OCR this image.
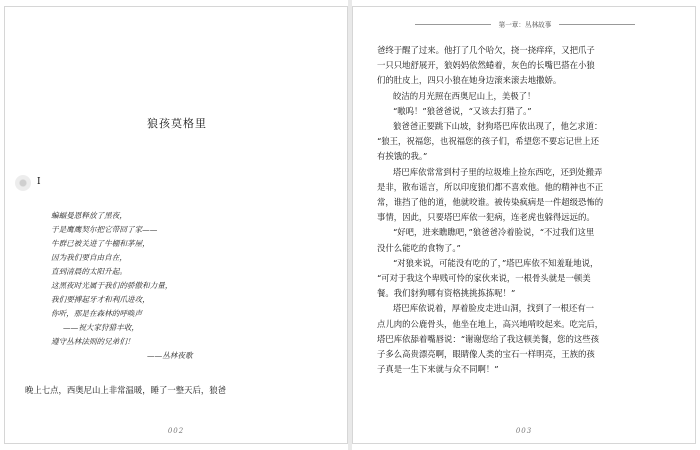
狼孩莫格里
I
蝙蝠曼恩释放了黑夜，
于是鹰鹰契尔把它带回了家——
牛群已被关进了牛棚和茅屋，
因为我们要自由自在，
直到清晨的太阳升起。
这黑夜时光属于我们的骄傲和力量，
我们要搏起牙才和利爪进攻，
你听，那是在森林的呼唤声
——祝大家狩猎丰收，
遵守丛林法则的兄弟们！
——丛林夜歌
晚上七点，西奥尼山上非常温暖，睡了一整天后，狼爸
002
第一章：丛林故事
爸终于醒了过来。他打了几个哈欠，挠一挠痒痒，又把爪子
一只只地舒展开，狼妈妈依然蜷着，灰色的长嘴巴搭在小狼
们的肚皮上，四只小狼在她身边滚来滚去地撒娇。
皎洁的月光照在西奥尼山上，美极了！
“嗷呜！”狼爸爸说，“又该去打猎了。”
狼爸爸正要跳下山坡，豺狗塔巴库依出现了，他乞求道：
“狼王，祝福您，也祝福您的孩子们，希望您不要忘记世上还
有挨饿的我。”
塔巴库依常常到村子里的垃圾堆上捡东西吃，还到处搬弄
是非，散布谣言，所以印度狼们都不喜欢他。他的精神也不正
常，谁挡了他的道，他就咬谁。被传染疯病是一件超级恐怖的
事情，因此，只要塔巴库依一犯病，连老虎也躲得远远的。
“好吧，进来瞧瞧吧，”狼爸爸冷着脸说，“不过我们这里
没什么能吃的食物了。”
“对狼来说，可能没有吃的了，”塔巴库依不知羞耻地说，
“可对于我这个卑贱可怜的家伙来说，一根骨头就是一顿美
餐。我们豺狗哪有资格挑挑拣拣呢！”
塔巴库依说着，厚着脸皮走进山洞，找到了一根还有一
点儿肉的公鹿骨头，他坐在地上，高兴地啃咬起来。吃完后，
塔巴库依舔着嘴唇说：“谢谢您给了我这顿美餐，您的这些孩
子多么高贵漂亮啊，眼睛像人类的宝石一样明亮，王族的孩
子真是一生下来就与众不同啊！”
003
